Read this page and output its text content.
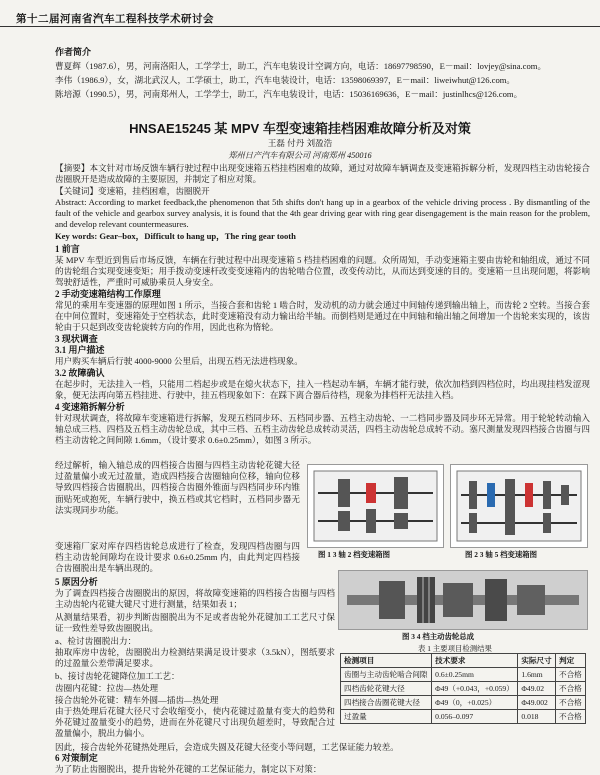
第十二届河南省汽车工程科技学术研讨会
作者简介
曹夏辉（1987.6），男，河南洛阳人，工学学士，助工，汽车电装设计空调方向，电话：18697798590，E－mail：lovjey@sina.com。
李伟（1986.9），女，湖北武汉人，工学硕士，助工，汽车电装设计，电话：13598069397，E－mail：liweiwhut@126.com。
陈培源（1990.5），男，河南郑州人，工学学士，助工，汽车电装设计，电话：15036169636，E－mail：justinlhcs@126.com。
HNSAE15245 某 MPV 车型变速箱挂档困难故障分析及对策
王磊 付丹 刘盈浩
郑州日产汽车有限公司 河南郑州 450016
【摘要】本文针对市场反馈车辆行驶过程中出现变速箱五档挂档困难的故障，通过对故障车辆调查及变速箱拆解分析，发现四档主动齿轮接合齿圈脱开是造成故障的主要原因，并制定了相应对策。
【关键词】变速箱，挂档困难，齿圈脱开
Abstract: According to market feedback,the phenomenon that 5th shifts don't hang up in a gearbox of the vehicle driving process . By dismantling of the fault of the vehicle and gearbox survey analysis, it is found that the 4th gear driving gear with ring gear disengagement is the main reason for the problem, and develop relevant countermeasures.
Key words: Gear–box，Difficult to hang up，The ring gear tooth
1 前言
某 MPV 车型近到售后市场反馈，车辆在行驶过程中出现变速箱 5 档挂档困难的问题。众所周知，手动变速箱主要由齿轮和轴组成，通过不同的齿轮组合实现变速变矩；用手拨动变速杆改变变速箱内的齿轮啮合位置，改变传动比，从而达到变速的目的。变速箱一旦出现问题，将影响驾驶舒适性，严重时可威胁乘员人身安全。
2 手动变速箱结构工作原理
常见的乘用车变速器的原理如图 1 所示，当接合套和齿轮 1 啮合时，发动机的动力就会通过中间轴传递到输出轴上，而齿轮 2 空转。当接合套在中间位置时，变速箱处于空档状态，此时变速箱没有动力输出给半轴。而倒档则是通过在中间轴和输出轴之间增加一个齿轮来实现的，该齿轮由于只起到改变齿轮旋转方向的作用，因此也称为惰轮。
3 现状调查
3.1 用户描述
用户购买车辆后行驶 4000-9000 公里后，出现五档无法进档现象。
3.2 故障确认
在起步时，无法挂入一档，只能用二档起步或是在熄火状态下，挂入一档起动车辆，车辆才能行驶，依次加档到四档位时，均出现挂档发涩现象，便无法再向第五档挂进、行驶中，挂五档现象如下：在踩下离合器后待档，现象为排档杆无法挂入档。
4 变速箱拆解分析
针对现状调查，将故障车变速箱进行拆解，发现五档同步环、五档同步器、五档主动齿轮、一二档同步器及同步环无异常。用于轮轮转动输入轴总成三档、四档及五档主动齿轮总成，其中三档、五档主动齿轮总成转动灵活，四档主动齿轮总成转不动。塞尺测量发现四档接合齿圈与四档主动齿轮之间间隙 1.6mm，（设计要求 0.6±0.25mm），如图 3 所示。
经过解析，输入轴总成的四档接合齿圈与四档主动齿轮花键大径过盈量偏小或无过盈量，造成四档接合齿圈轴向位移，轴向位移导致四档接合齿圈脱出，四档接合齿圈外锥面与四档同步环内锥面贴死或抱死，车辆行驶中，换五档或其它档时，五档同步器无法实现同步功能。
变速箱厂家对库存四档齿轮总成进行了检查，发现四档齿圈与四档主动齿轮间隙均在设计要求 0.6±0.25mm 内，由此判定四档接合齿圈脱出是车辆出现的。
图 1 3 轴 2 档变速箱图	图 2 3 轴 5 档变速箱图
5 原因分析
为了调查四档接合齿圈脱出的原因，将故障变速箱的四档接合齿圈与四档主动齿轮内花键大键尺寸进行测量，结果如表 1；
从测量结果看，初步判断齿圈脱出为不足或者齿轮外花键加工工艺尺寸保证一致性差导致齿圈脱出。
a、检讨齿圈脱出力：
抽取库房中齿轮，齿圈脱出力检测结果满足设计要求（3.5kN），图纸要求的过盈量公差带满足要求。
b、接讨齿轮花键降位加工工艺：
齿圈内花键：拉齿—热处理
接合齿轮外花键：精车外圆—插齿—热处理
由于热处理后花键大径尺寸会收缩变小，使内花键过盈量有变大的趋势和外花键过盈量变小的趋势，进而在外花键尺寸出现负超差时，导致配合过盈量偏小，脱出力偏小。
因此，接合齿轮外花键热处理后，会造成失圆及花键大径变小等问题，工艺保证能力较差。
6 对策制定
为了防止齿圈脱出，提升齿轮外花键的工艺保证能力，制定以下对策：
图 3 4 档主动齿轮总成
表 1 主要项目检测结果
检测项目	技术要求	实际尺寸	判定
齿圈与主动齿轮啮合间隙	0.6±0.25mm	1.6mm	不合格
四档齿轮花键大径	Φ49（+0.043，+0.059）	Φ49.02	不合格
四档接合齿圈花键大径	Φ49（0，+0.025）	Φ49.002	不合格
过盈量	0.056–0.097	0.018	不合格
